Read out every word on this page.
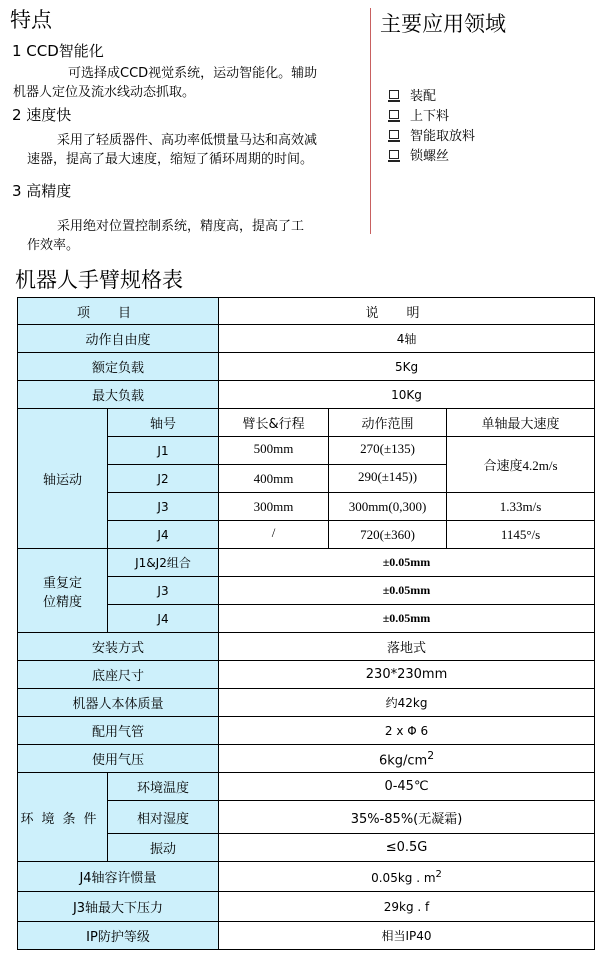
特点
1 CCD智能化
可选择成CCD视觉系统，运动智能化。辅助
机器人定位及流水线动态抓取。
2 速度快
采用了轻质器件、高功率低惯量马达和高效减
速器，提高了最大速度，缩短了循环周期的时间。
3 高精度
采用绝对位置控制系统，精度高，提高了工
作效率。
主要应用领域
装配
上下料
智能取放料
锁螺丝
机器人手臂规格表
项目		说明		
动作自由度		4轴		
额定负载		5Kg		
最大负载		10Kg		
轴运动	轴号	臂长&行程	动作范围	单轴最大速度
	J1	500mm	270(±135)	合速度4.2m/s
	J2	400mm	290(±145))	
	J3	300mm	300mm(0,300)	1.33m/s
	J4	/	720(±360)	1145°/s

重复定
位精度	J1&J2组合	±0.05mm		
	J3	±0.05mm		
	J4	±0.05mm		
安装方式		落地式		
底座尺寸		230*230mm		
机器人本体质量		约42kg		
配用气管		2 x Φ 6		
使用气压		$6kg/cm^2$
环境条件	环境温度	0-45℃		
	相对湿度	35%-85%(无凝霜)		
	振动	≤0.5G		
J4轴容许惯量		0.05kg . $m^2$
J3轴最大下压力		29kg . f		
IP防护等级		相当IP40		
